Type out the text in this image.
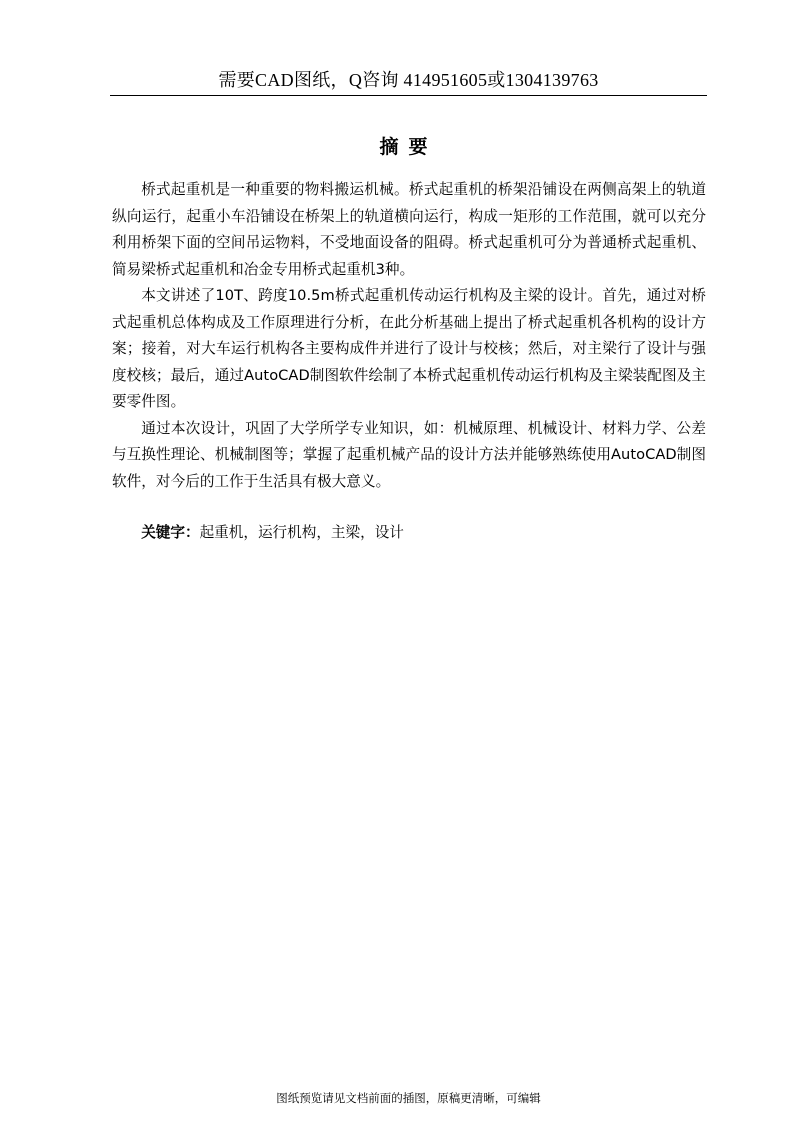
需要CAD图纸，Q咨询 414951605或1304139763
摘要

桥式起重机是一种重要的物料搬运机械。桥式起重机的桥架沿铺设在两侧高架上的轨道纵向运行，起重小车沿铺设在桥架上的轨道横向运行，构成一矩形的工作范围，就可以充分利用桥架下面的空间吊运物料，不受地面设备的阻碍。桥式起重机可分为普通桥式起重机、简易梁桥式起重机和冶金专用桥式起重机3种。

本文讲述了10T、跨度10.5m桥式起重机传动运行机构及主梁的设计。首先，通过对桥式起重机总体构成及工作原理进行分析，在此分析基础上提出了桥式起重机各机构的设计方案；接着，对大车运行机构各主要构成件并进行了设计与校核；然后，对主梁行了设计与强度校核；最后，通过AutoCAD制图软件绘制了本桥式起重机传动运行机构及主梁装配图及主要零件图。

通过本次设计，巩固了大学所学专业知识，如：机械原理、机械设计、材料力学、公差与互换性理论、机械制图等；掌握了起重机械产品的设计方法并能够熟练使用AutoCAD制图软件，对今后的工作于生活具有极大意义。

关键字：起重机，运行机构，主梁，设计
图纸预览请见文档前面的插图，原稿更清晰，可编辑
